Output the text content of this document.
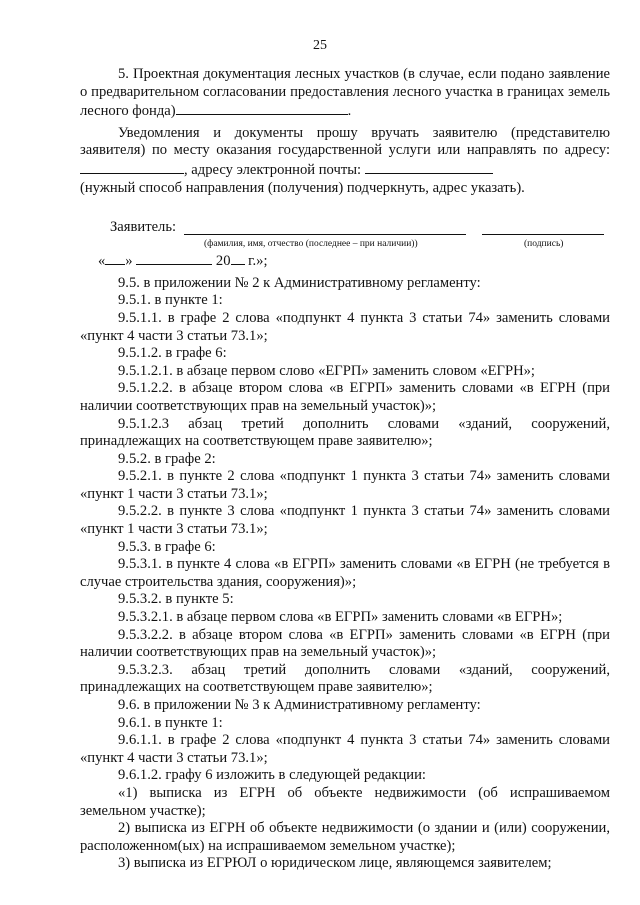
25

5. Проектная документация лесных участков (в случае, если подано заявление о предварительном согласовании предоставления лесного участка в границах земель лесного фонда)	.

Уведомления и документы прошу вручать заявителю (представителю заявителя) по месту оказания государственной услуги или направлять по адресу: , адресу электронной почты:

(нужный способ направления (получения) подчеркнуть, адрес указать).

Заявитель:
(фамилия, имя, отчество (последнее – при наличии))	(подпись)

« »	20 г.»;

9.5. в приложении № 2 к Административному регламенту:

9.5.1. в пункте 1:

9.5.1.1. в графе 2 слова «подпункт 4 пункта 3 статьи 74» заменить словами «пункт 4 части 3 статьи 73.1»;

9.5.1.2. в графе 6:

9.5.1.2.1. в абзаце первом слово «ЕГРП» заменить словом «ЕГРН»;

9.5.1.2.2. в абзаце втором слова «в ЕГРП» заменить словами «в ЕГРН (при наличии соответствующих прав на земельный участок)»;

9.5.1.2.3 абзац третий дополнить словами «зданий, сооружений, принадлежащих на соответствующем праве заявителю»;

9.5.2. в графе 2:

9.5.2.1. в пункте 2 слова «подпункт 1 пункта 3 статьи 74» заменить словами «пункт 1 части 3 статьи 73.1»;

9.5.2.2. в пункте 3 слова «подпункт 1 пункта 3 статьи 74» заменить словами «пункт 1 части 3 статьи 73.1»;

9.5.3. в графе 6:

9.5.3.1. в пункте 4 слова «в ЕГРП» заменить словами «в ЕГРН (не требуется в случае строительства здания, сооружения)»;

9.5.3.2. в пункте 5:

9.5.3.2.1. в абзаце первом слова «в ЕГРП» заменить словами «в ЕГРН»;

9.5.3.2.2. в абзаце втором слова «в ЕГРП» заменить словами «в ЕГРН (при наличии соответствующих прав на земельный участок)»;

9.5.3.2.3. абзац третий дополнить словами «зданий, сооружений, принадлежащих на соответствующем праве заявителю»;

9.6. в приложении № 3 к Административному регламенту:

9.6.1. в пункте 1:

9.6.1.1. в графе 2 слова «подпункт 4 пункта 3 статьи 74» заменить словами «пункт 4 части 3 статьи 73.1»;

9.6.1.2. графу 6 изложить в следующей редакции:

«1) выписка из ЕГРН об объекте недвижимости (об испрашиваемом земельном участке);

2) выписка из ЕГРН об объекте недвижимости (о здании и (или) сооружении, расположенном(ых) на испрашиваемом земельном участке);

3) выписка из ЕГРЮЛ о юридическом лице, являющемся заявителем;
